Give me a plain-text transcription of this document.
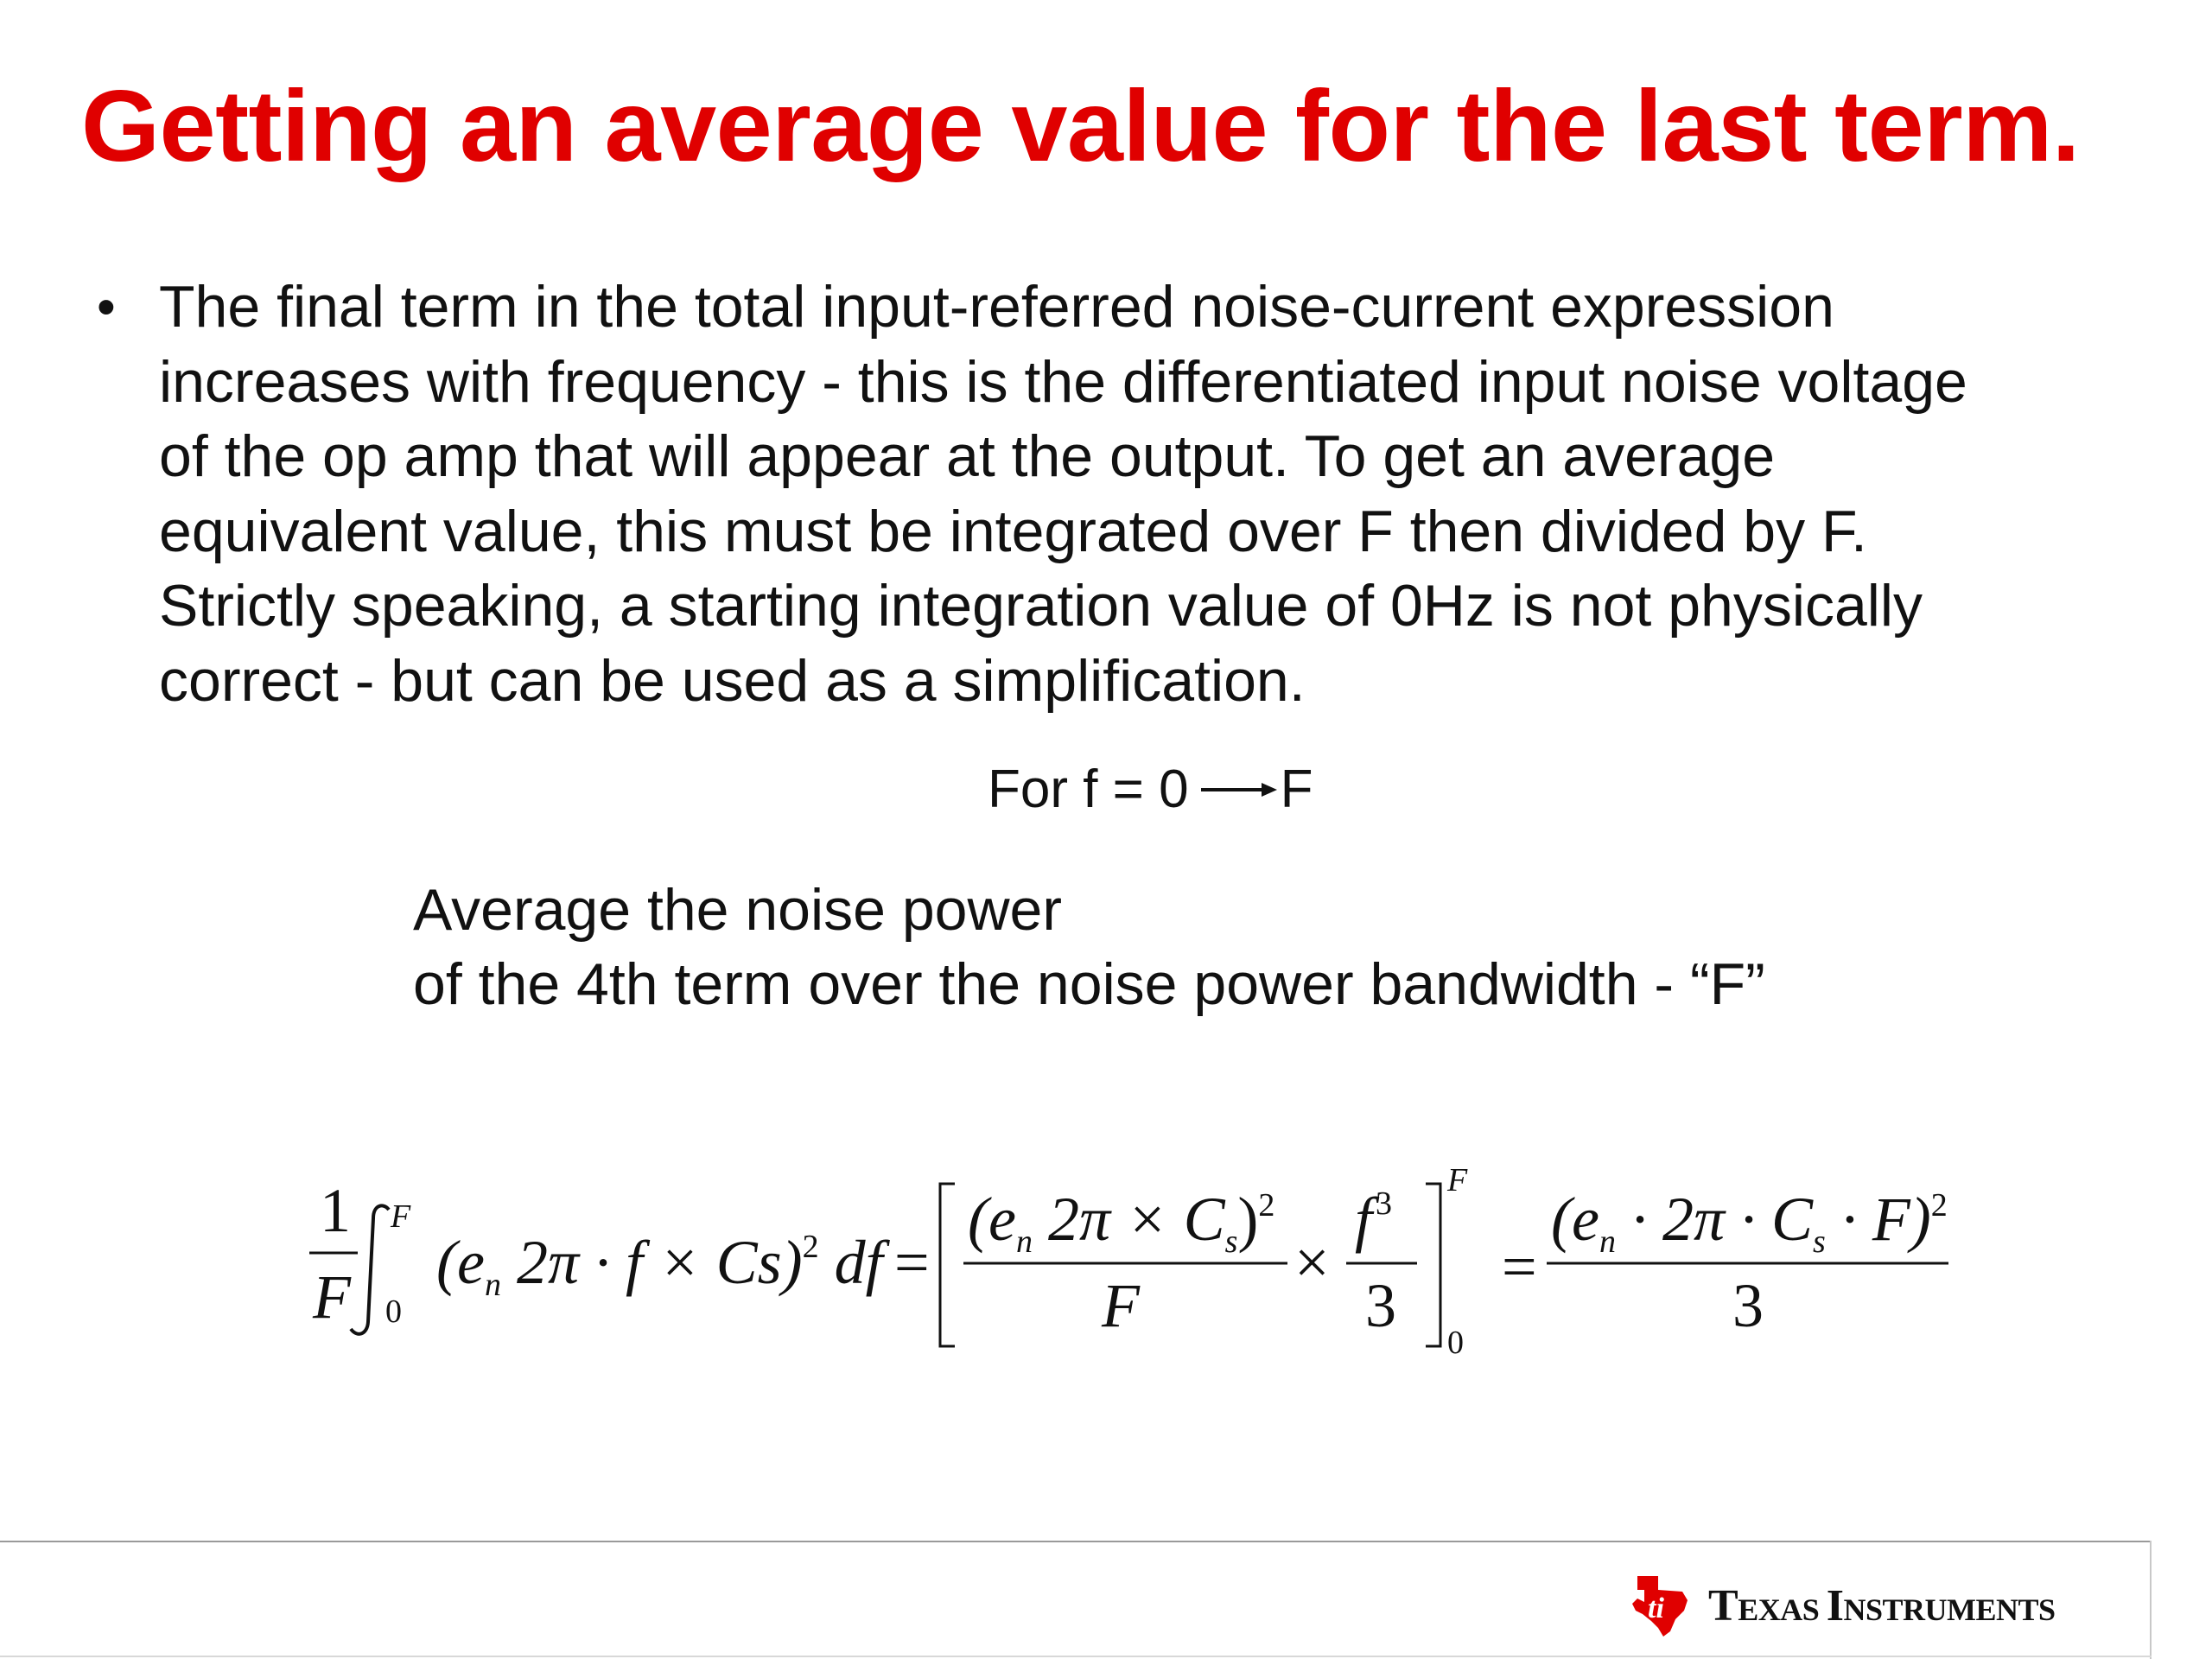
Getting an average value for the last term.
• The final term in the total input-referred noise-current expression
increases with frequency - this is the differentiated input noise voltage
of the op amp that will appear at the output. To get an average
equivalent value, this must be integrated over F then divided by F.
Strictly speaking, a starting integration value of 0Hz is not physically
correct - but can be used as a simplification.
For f = 0 F
Average the noise power
of the 4th term over the noise power bandwidth - “F”
1
F
F
0
(en 2π · f × Cs)$^2$ df =
(en 2π × Cs)$^2$
F
×
f $^3$
3
F
0
=
(en · 2π · Cs · F)$^2$
3
ti TEXAS INSTRUMENTS
